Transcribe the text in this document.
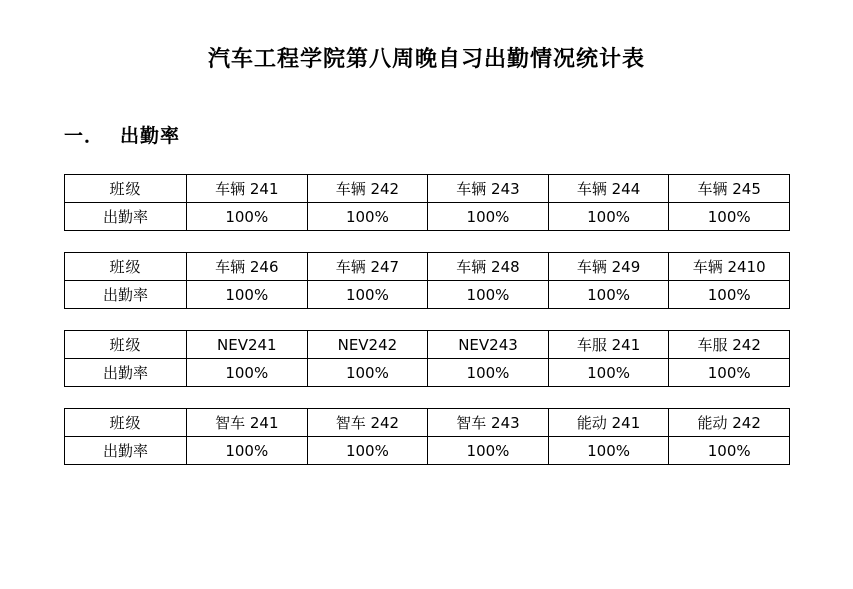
汽车工程学院第八周晚自习出勤情况统计表
一． 出勤率
班级	车辆 241	车辆 242	车辆 243	车辆 244	车辆 245
出勤率	100%	100%	100%	100%	100%
班级	车辆 246	车辆 247	车辆 248	车辆 249	车辆 2410
出勤率	100%	100%	100%	100%	100%
班级	NEV241	NEV242	NEV243	车服 241	车服 242
出勤率	100%	100%	100%	100%	100%
班级	智车 241	智车 242	智车 243	能动 241	能动 242
出勤率	100%	100%	100%	100%	100%
